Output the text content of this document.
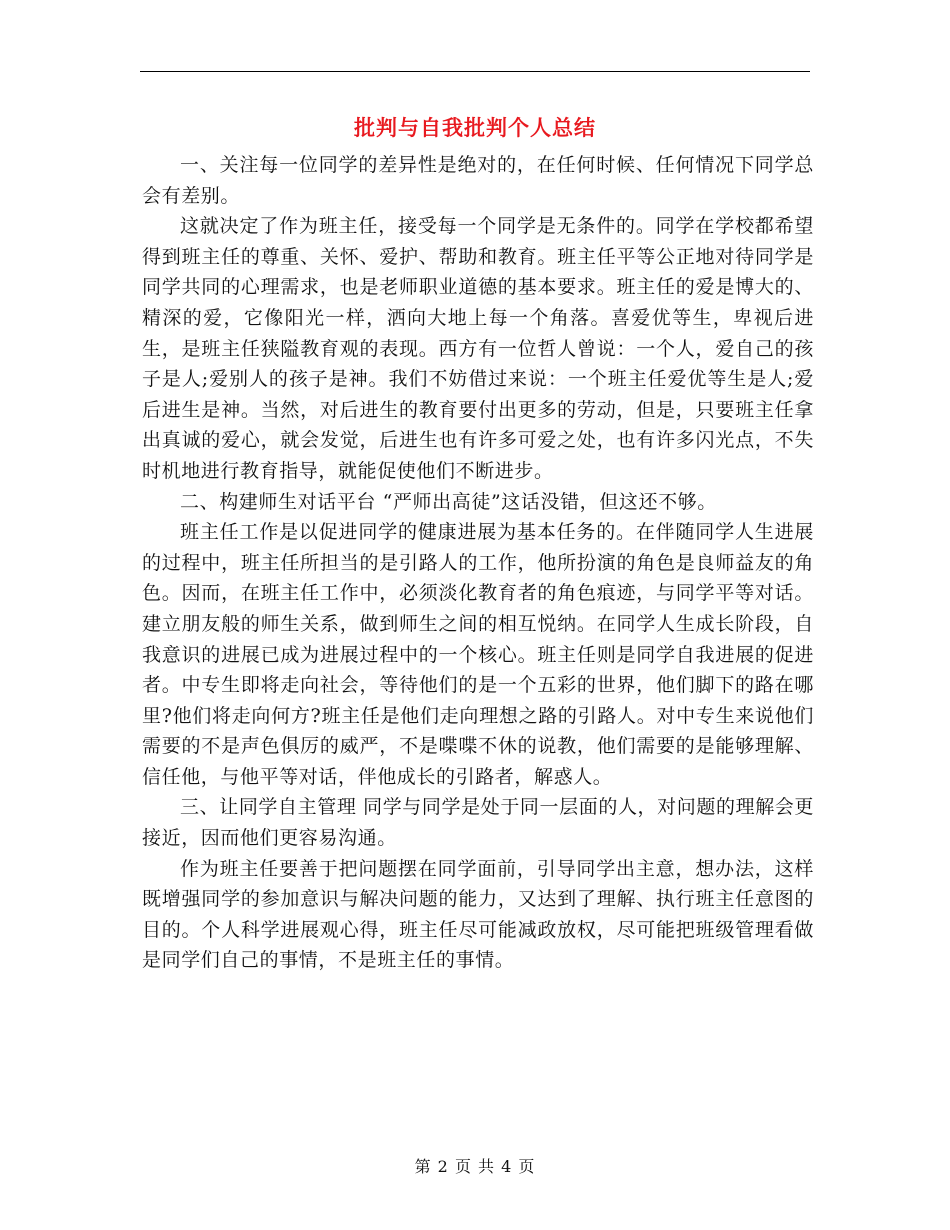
批判与自我批判个人总结

一、关注每一位同学的差异性是绝对的，在任何时候、任何情况下同学总会有差别。

这就决定了作为班主任，接受每一个同学是无条件的。同学在学校都希望得到班主任的尊重、关怀、爱护、帮助和教育。班主任平等公正地对待同学是同学共同的心理需求，也是老师职业道德的基本要求。班主任的爱是博大的、精深的爱，它像阳光一样，洒向大地上每一个角落。喜爱优等生，卑视后进生，是班主任狭隘教育观的表现。西方有一位哲人曾说：一个人，爱自己的孩子是人;爱别人的孩子是神。我们不妨借过来说：一个班主任爱优等生是人;爱后进生是神。当然，对后进生的教育要付出更多的劳动，但是，只要班主任拿出真诚的爱心，就会发觉，后进生也有许多可爱之处，也有许多闪光点，不失时机地进行教育指导，就能促使他们不断进步。

二、构建师生对话平台 “严师出高徒”这话没错，但这还不够。

班主任工作是以促进同学的健康进展为基本任务的。在伴随同学人生进展的过程中，班主任所担当的是引路人的工作，他所扮演的角色是良师益友的角色。因而，在班主任工作中，必须淡化教育者的角色痕迹，与同学平等对话。建立朋友般的师生关系，做到师生之间的相互悦纳。在同学人生成长阶段，自我意识的进展已成为进展过程中的一个核心。班主任则是同学自我进展的促进者。中专生即将走向社会，等待他们的是一个五彩的世界，他们脚下的路在哪里?他们将走向何方?班主任是他们走向理想之路的引路人。对中专生来说他们需要的不是声色俱厉的威严，不是喋喋不休的说教，他们需要的是能够理解、信任他，与他平等对话，伴他成长的引路者，解惑人。

三、让同学自主管理 同学与同学是处于同一层面的人，对问题的理解会更接近，因而他们更容易沟通。

作为班主任要善于把问题摆在同学面前，引导同学出主意，想办法，这样既增强同学的参加意识与解决问题的能力，又达到了理解、执行班主任意图的目的。个人科学进展观心得，班主任尽可能减政放权，尽可能把班级管理看做是同学们自己的事情，不是班主任的事情。

第 2 页 共 4 页
